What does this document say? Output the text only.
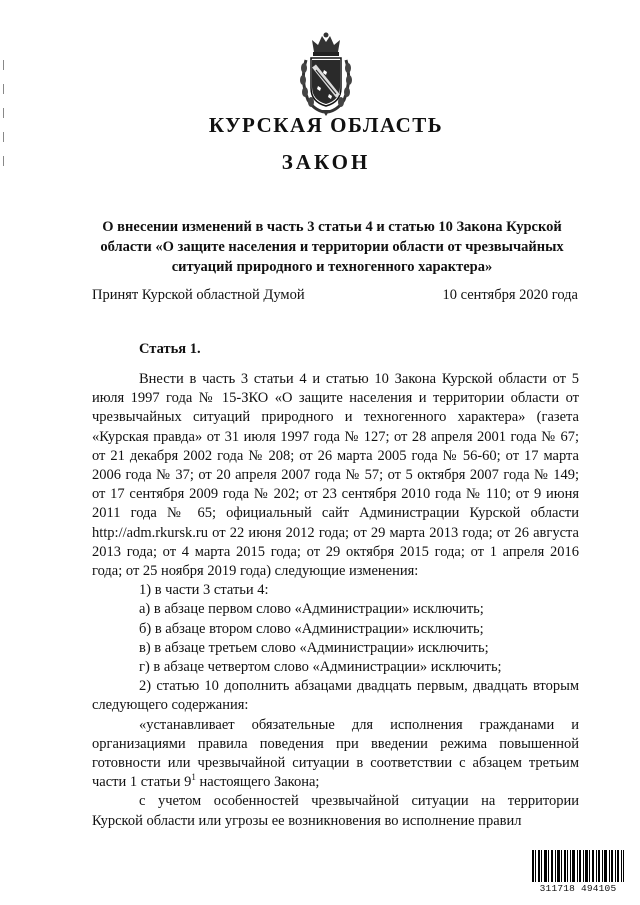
КУРСКАЯ ОБЛАСТЬ
ЗАКОН
О внесении изменений в часть 3 статьи 4 и статью 10 Закона Курской
области «О защите населения и территории области от чрезвычайных
ситуаций природного и техногенного характера»
Принят Курской областной Думой	10 сентября 2020 года
Статья 1.

Внести в часть 3 статьи 4 и статью 10 Закона Курской области от 5 июля 1997 года № 15-ЗКО «О защите населения и территории области от чрезвычайных ситуаций природного и техногенного характера» (газета «Курская правда» от 31 июля 1997 года № 127; от 28 апреля 2001 года № 67; от 21 декабря 2002 года № 208; от 26 марта 2005 года № 56-60; от 17 марта 2006 года № 37; от 20 апреля 2007 года № 57; от 5 октября 2007 года № 149; от 17 сентября 2009 года № 202; от 23 сентября 2010 года № 110; от 9 июня 2011 года № 65; официальный сайт Администрации Курской области http://adm.rkursk.ru от 22 июня 2012 года; от 29 марта 2013 года; от 26 августа 2013 года; от 4 марта 2015 года; от 29 октября 2015 года; от 1 апреля 2016 года; от 25 ноября 2019 года) следующие изменения:

1) в части 3 статьи 4:

а) в абзаце первом слово «Администрации» исключить;

б) в абзаце втором слово «Администрации» исключить;

в) в абзаце третьем слово «Администрации» исключить;

г) в абзаце четвертом слово «Администрации» исключить;

2) статью 10 дополнить абзацами двадцать первым, двадцать вторым следующего содержания:

«устанавливает обязательные для исполнения гражданами и организациями правила поведения при введении режима повышенной готовности или чрезвычайной ситуации в соответствии с абзацем третьим части 1 статьи $9^1$ настоящего Закона;

с учетом особенностей чрезвычайной ситуации на территории Курской области или угрозы ее возникновения во исполнение правил

311718 494105
